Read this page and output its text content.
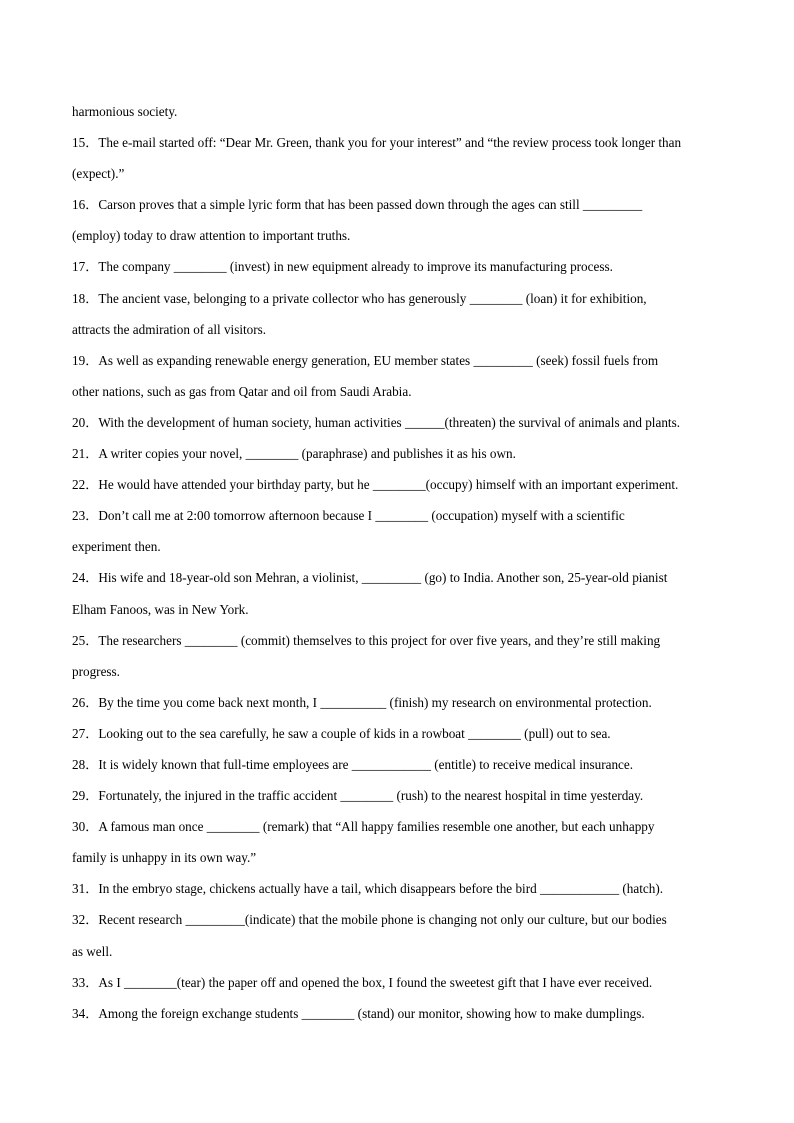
harmonious society.
15．The e-mail started off: “Dear Mr. Green, thank you for your interest” and “the review process took longer than
(expect).”
16．Carson proves that a simple lyric form that has been passed down through the ages can still _________
(employ) today to draw attention to important truths.
17．The company ________ (invest) in new equipment already to improve its manufacturing process.
18．The ancient vase, belonging to a private collector who has generously ________ (loan) it for exhibition,
attracts the admiration of all visitors.
19．As well as expanding renewable energy generation, EU member states _________ (seek) fossil fuels from
other nations, such as gas from Qatar and oil from Saudi Arabia.
20．With the development of human society, human activities ______(threaten) the survival of animals and plants.
21．A writer copies your novel, ________ (paraphrase) and publishes it as his own.
22．He would have attended your birthday party, but he ________(occupy) himself with an important experiment.
23．Don’t call me at 2:00 tomorrow afternoon because I ________ (occupation) myself with a scientific
experiment then.
24．His wife and 18-year-old son Mehran, a violinist, _________ (go) to India. Another son, 25-year-old pianist
Elham Fanoos, was in New York.
25．The researchers ________ (commit) themselves to this project for over five years, and they’re still making
progress.
26．By the time you come back next month, I __________ (finish) my research on environmental protection.
27．Looking out to the sea carefully, he saw a couple of kids in a rowboat ________ (pull) out to sea.
28．It is widely known that full-time employees are ____________ (entitle) to receive medical insurance.
29．Fortunately, the injured in the traffic accident ________ (rush) to the nearest hospital in time yesterday.
30．A famous man once ________ (remark) that “All happy families resemble one another, but each unhappy
family is unhappy in its own way.”
31．In the embryo stage, chickens actually have a tail, which disappears before the bird ____________ (hatch).
32．Recent research _________(indicate) that the mobile phone is changing not only our culture, but our bodies
as well.
33．As I ________(tear) the paper off and opened the box, I found the sweetest gift that I have ever received.
34．Among the foreign exchange students ________ (stand) our monitor, showing how to make dumplings.
